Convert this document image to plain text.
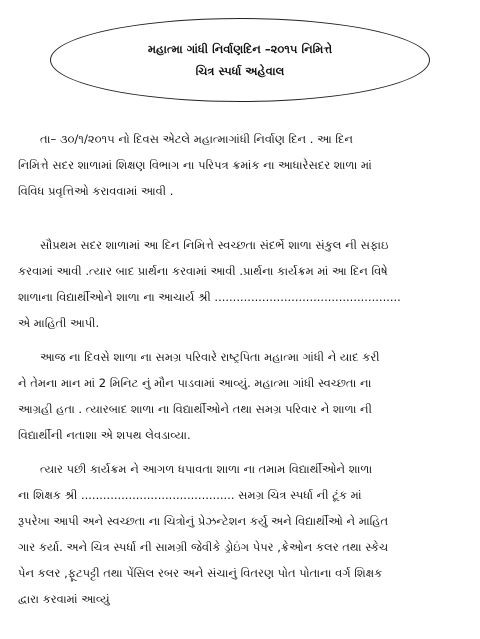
મહાત્મા ગાંધી નિર્વાણદિન –૨૦૧૫ નિમિત્તે
ચિત્ર સ્પર્ધા અહેવાલ
તા– ૩૦/૧/૨૦૧૫ નો દિવસ એટલે મહાત્માગાંધી નિર્વાણ દિન . આ દિન
નિમિત્તે સદર શાળામાં શિક્ષણ વિભાગ ના પરિપત્ર ક્રમાંક ના આધારેસદર શાળા માં
વિવિધ પ્રવૃત્તિઓ કરાવવામાં આવી .
સૌપ્રથમ સદર શાળામાં આ દિન નિમિત્તે સ્વચ્છતા સંદર્ભે શાળા સંકુલ ની સફાઇ
કરવામાં આવી .ત્યાર બાદ પ્રાર્થના કરવામાં આવી .પ્રાર્થના કાર્યક્રમ માં આ દિન વિષે
શાળાના વિદ્યાર્થીઓને શાળા ના આચાર્ય શ્રી ...................................................
એ માહિતી આપી.
આજ ના દિવસે શાળા ના સમગ્ર પરિવારે રાષ્ટ્રપિતા મહાત્મા ગાંધી ને યાદ કરી
ને તેમના માન માં 2 મિનિટ નું મૌન પાડવામાં આવ્યું. મહાત્મા ગાંધી સ્વચ્છતા ના
આગ્રહી હતા . ત્યારબાદ શાળા ના વિદ્યાર્થીઓને તથા સમગ્ર પરિવાર ને શાળા ની
વિદ્યાર્થીની નતાશા એ શપથ લેવડાવ્યા.
ત્યાર પછી કાર્યક્રમ ને આગળ ધપાવતા શાળા ના તમામ વિદ્યાર્થીઓને શાળા
ના શિક્ષક શ્રી .......................................... સમગ્ર ચિત્ર સ્પર્ધા ની ટૂંક માં
રૂપરેખા આપી અને સ્વચ્છતા ના ચિત્રોનું પ્રેઝન્ટેશન કર્યુ અને વિદ્યાર્થીઓ ને માહિત
ગાર કર્યા. અને ચિત્ર સ્પર્ધા ની સામગ્રી જેવીકે ડ્રોઇંગ પેપર ,ક્રેઓન કલર તથા સ્કેચ
પેન કલર ,ફૂટપટ્ટી તથા પેંસિલ રબર અને સંચાનું વિતરણ પોત પોતાના વર્ગ શિક્ષક
દ્વારા કરવામાં આવ્યું
